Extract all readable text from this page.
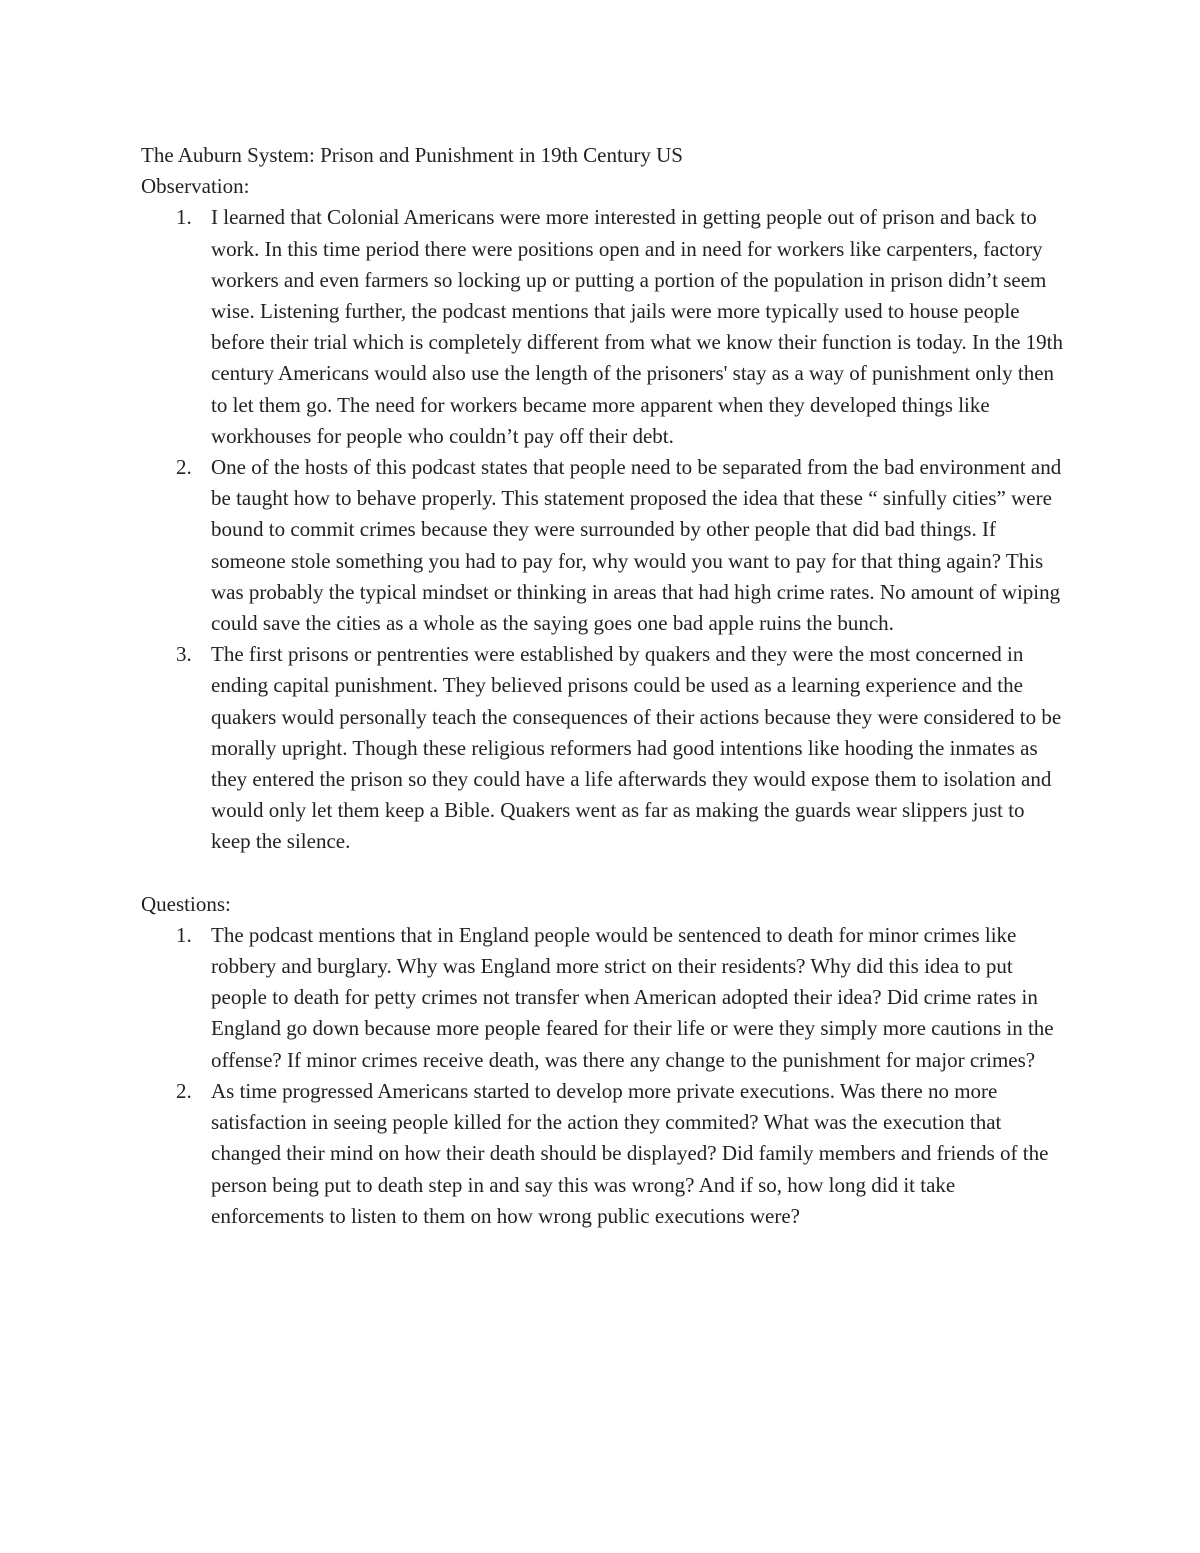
The Auburn System: Prison and Punishment in 19th Century US
Observation:
1. I learned that Colonial Americans were more interested in getting people out of prison and back to work. In this time period there were positions open and in need for workers like carpenters, factory workers and even farmers so locking up or putting a portion of the population in prison didn’t seem wise. Listening further, the podcast mentions that jails were more typically used to house people before their trial which is completely different from what we know their function is today. In the 19th century Americans would also use the length of the prisoners' stay as a way of punishment only then to let them go. The need for workers became more apparent when they developed things like workhouses for people who couldn’t pay off their debt.
2. One of the hosts of this podcast states that people need to be separated from the bad environment and be taught how to behave properly. This statement proposed the idea that these “ sinfully cities” were bound to commit crimes because they were surrounded by other people that did bad things. If someone stole something you had to pay for, why would you want to pay for that thing again? This was probably the typical mindset or thinking in areas that had high crime rates. No amount of wiping could save the cities as a whole as the saying goes one bad apple ruins the bunch.
3. The first prisons or pentrenties were established by quakers and they were the most concerned in ending capital punishment. They believed prisons could be used as a learning experience and the quakers would personally teach the consequences of their actions because they were considered to be morally upright. Though these religious reformers had good intentions like hooding the inmates as they entered the prison so they could have a life afterwards they would expose them to isolation and would only let them keep a Bible. Quakers went as far as making the guards wear slippers just to keep the silence.
Questions:
1. The podcast mentions that in England people would be sentenced to death for minor crimes like robbery and burglary. Why was England more strict on their residents? Why did this idea to put people to death for petty crimes not transfer when American adopted their idea? Did crime rates in England go down because more people feared for their life or were they simply more cautions in the offense? If minor crimes receive death, was there any change to the punishment for major crimes?
2. As time progressed Americans started to develop more private executions. Was there no more satisfaction in seeing people killed for the action they commited? What was the execution that changed their mind on how their death should be displayed? Did family members and friends of the person being put to death step in and say this was wrong? And if so, how long did it take enforcements to listen to them on how wrong public executions were?
